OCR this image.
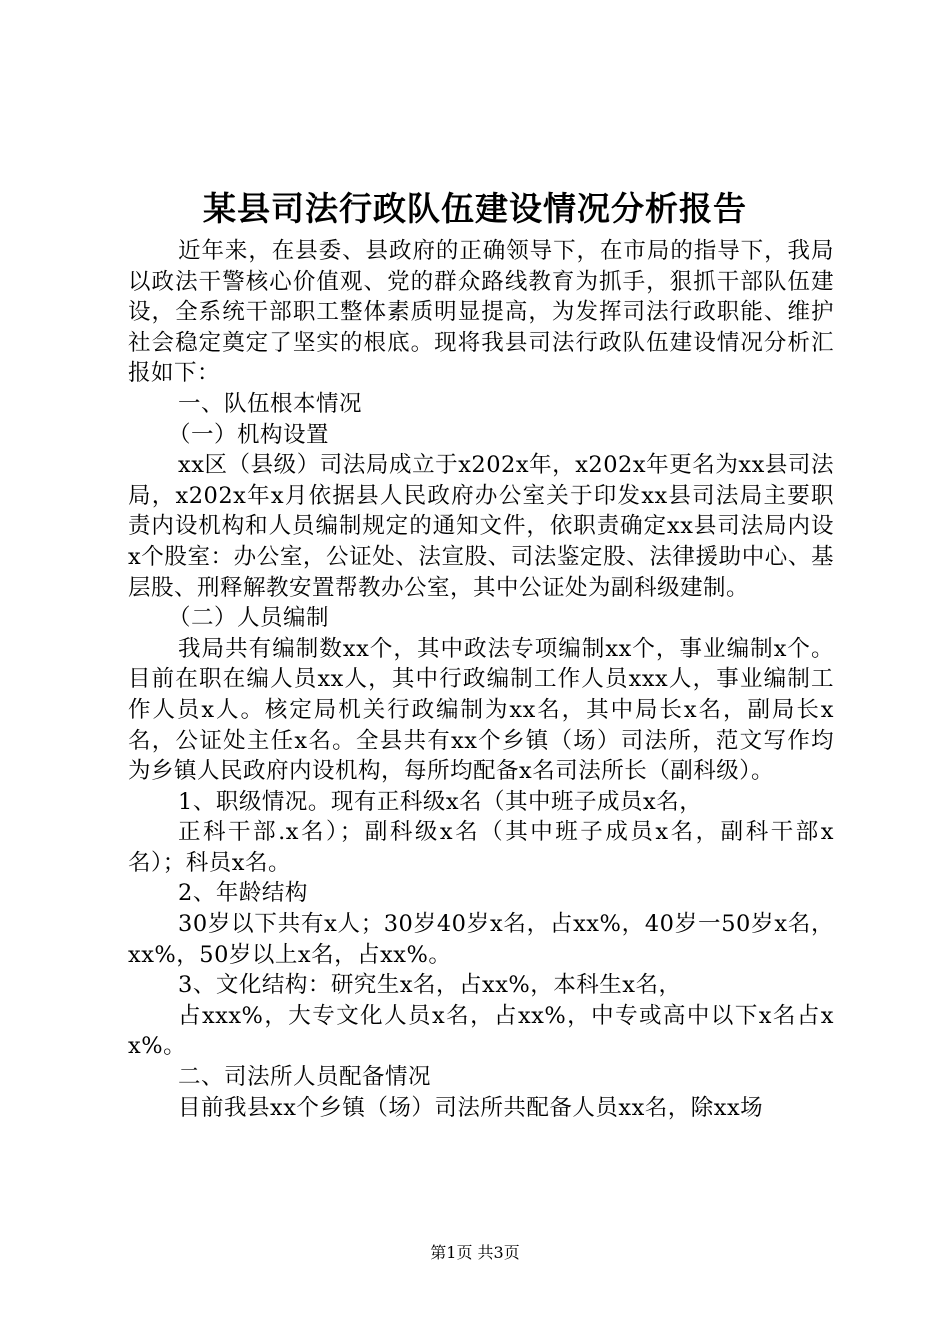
某县司法行政队伍建设情况分析报告

近年来，在县委、县政府的正确领导下，在市局的指导下，我局以政法干警核心价值观、党的群众路线教育为抓手，狠抓干部队伍建设，全系统干部职工整体素质明显提高，为发挥司法行政职能、维护社会稳定奠定了坚实的根底。现将我县司法行政队伍建设情况分析汇报如下：

一、队伍根本情况

（一）机构设置

xx区（县级）司法局成立于x202x年，x202x年更名为xx县司法局，x202x年x月依据县人民政府办公室关于印发xx县司法局主要职责内设机构和人员编制规定的通知文件，依职责确定xx县司法局内设x个股室：办公室，公证处、法宣股、司法鉴定股、法律援助中心、基层股、刑释解教安置帮教办公室，其中公证处为副科级建制。

（二）人员编制

我局共有编制数xx个，其中政法专项编制xx个，事业编制x个。目前在职在编人员xx人，其中行政编制工作人员xxx人，事业编制工作人员x人。核定局机关行政编制为xx名，其中局长x名，副局长x名，公证处主任x名。全县共有xx个乡镇（场）司法所，范文写作均为乡镇人民政府内设机构，每所均配备x名司法所长（副科级）。

1、职级情况。现有正科级x名（其中班子成员x名，

正科干部.x名）；副科级x名（其中班子成员x名，副科干部x名）；科员x名。

2、年龄结构

30岁以下共有x人；30岁40岁x名，占xx%，40岁一50岁x名，xx%，50岁以上x名，占xx%。

3、文化结构：研究生x名，占xx%，本科生x名，

占xxx%，大专文化人员x名，占xx%，中专或高中以下x名占xx%。

二、司法所人员配备情况

目前我县xx个乡镇（场）司法所共配备人员xx名，除xx场

第1页 共3页
